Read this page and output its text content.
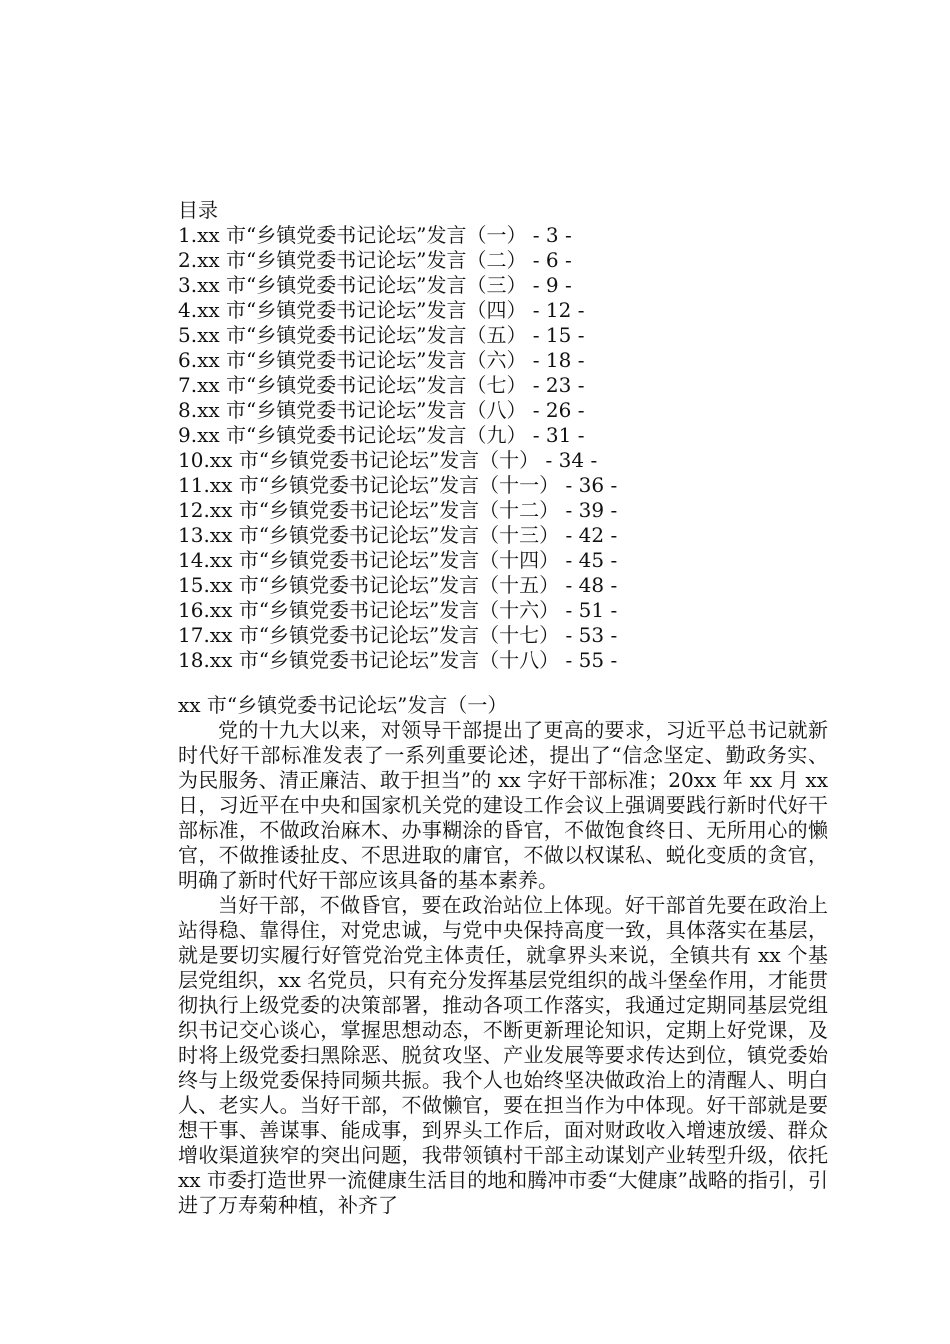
目录
1.xx 市“乡镇党委书记论坛”发言（一） - 3 -
2.xx 市“乡镇党委书记论坛”发言（二） - 6 -
3.xx 市“乡镇党委书记论坛”发言（三） - 9 -
4.xx 市“乡镇党委书记论坛”发言（四） - 12 -
5.xx 市“乡镇党委书记论坛”发言（五） - 15 -
6.xx 市“乡镇党委书记论坛”发言（六） - 18 -
7.xx 市“乡镇党委书记论坛”发言（七） - 23 -
8.xx 市“乡镇党委书记论坛”发言（八） - 26 -
9.xx 市“乡镇党委书记论坛”发言（九） - 31 -
10.xx 市“乡镇党委书记论坛”发言（十） - 34 -
11.xx 市“乡镇党委书记论坛”发言（十一） - 36 -
12.xx 市“乡镇党委书记论坛”发言（十二） - 39 -
13.xx 市“乡镇党委书记论坛”发言（十三） - 42 -
14.xx 市“乡镇党委书记论坛”发言（十四） - 45 -
15.xx 市“乡镇党委书记论坛”发言（十五） - 48 -
16.xx 市“乡镇党委书记论坛”发言（十六） - 51 -
17.xx 市“乡镇党委书记论坛”发言（十七） - 53 -
18.xx 市“乡镇党委书记论坛”发言（十八） - 55 -
xx 市“乡镇党委书记论坛”发言（一）

党的十九大以来，对领导干部提出了更高的要求，习近平总书记就新时代好干部标准发表了一系列重要论述，提出了“信念坚定、勤政务实、为民服务、清正廉洁、敢于担当”的 xx 字好干部标准；20xx 年 xx 月 xx 日，习近平在中央和国家机关党的建设工作会议上强调要践行新时代好干部标准，不做政治麻木、办事糊涂的昏官，不做饱食终日、无所用心的懒官，不做推诿扯皮、不思进取的庸官，不做以权谋私、蜕化变质的贪官，明确了新时代好干部应该具备的基本素养。

当好干部，不做昏官，要在政治站位上体现。好干部首先要在政治上站得稳、靠得住，对党忠诚，与党中央保持高度一致，具体落实在基层，就是要切实履行好管党治党主体责任，就拿界头来说，全镇共有 xx 个基层党组织，xx 名党员，只有充分发挥基层党组织的战斗堡垒作用，才能贯彻执行上级党委的决策部署，推动各项工作落实，我通过定期同基层党组织书记交心谈心，掌握思想动态，不断更新理论知识，定期上好党课，及时将上级党委扫黑除恶、脱贫攻坚、产业发展等要求传达到位，镇党委始终与上级党委保持同频共振。我个人也始终坚决做政治上的清醒人、明白人、老实人。当好干部，不做懒官，要在担当作为中体现。好干部就是要想干事、善谋事、能成事，到界头工作后，面对财政收入增速放缓、群众增收渠道狭窄的突出问题，我带领镇村干部主动谋划产业转型升级，依托 xx 市委打造世界一流健康生活目的地和腾冲市委“大健康”战略的指引，引进了万寿菊种植，补齐了
